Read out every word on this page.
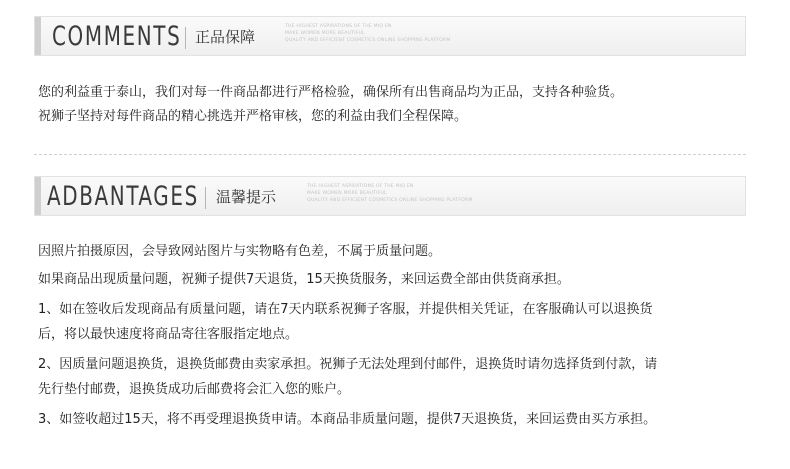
COMMENTS 正品保障
THE HIGHEST ASPIRATIONS OF THE MIQ EN
MAKE WOMEN MORE BEAUTIFUL
QUALITY AND EFFICIENT COSMETICS ONLINE SHOPPING PLATFORM
您的利益重于泰山，我们对每一件商品都进行严格检验，确保所有出售商品均为正品，支持各种验货。
祝狮子坚持对每件商品的精心挑选并严格审核，您的利益由我们全程保障。
ADBANTAGES 温馨提示
THE HIGHEST ASPIRATIONS OF THE MIQ EN
MAKE WOMEN MORE BEAUTIFUL
QUALITY AND EFFICIENT COSMETICS ONLINE SHOPPING PLATFORM
因照片拍摄原因，会导致网站图片与实物略有色差，不属于质量问题。
如果商品出现质量问题，祝狮子提供7天退货，15天换货服务，来回运费全部由供货商承担。
1、如在签收后发现商品有质量问题，请在7天内联系祝狮子客服，并提供相关凭证，在客服确认可以退换货
后，将以最快速度将商品寄往客服指定地点。
2、因质量问题退换货，退换货邮费由卖家承担。祝狮子无法处理到付邮件，退换货时请勿选择货到付款，请
先行垫付邮费，退换货成功后邮费将会汇入您的账户。
3、如签收超过15天，将不再受理退换货申请。本商品非质量问题，提供7天退换货，来回运费由买方承担。
